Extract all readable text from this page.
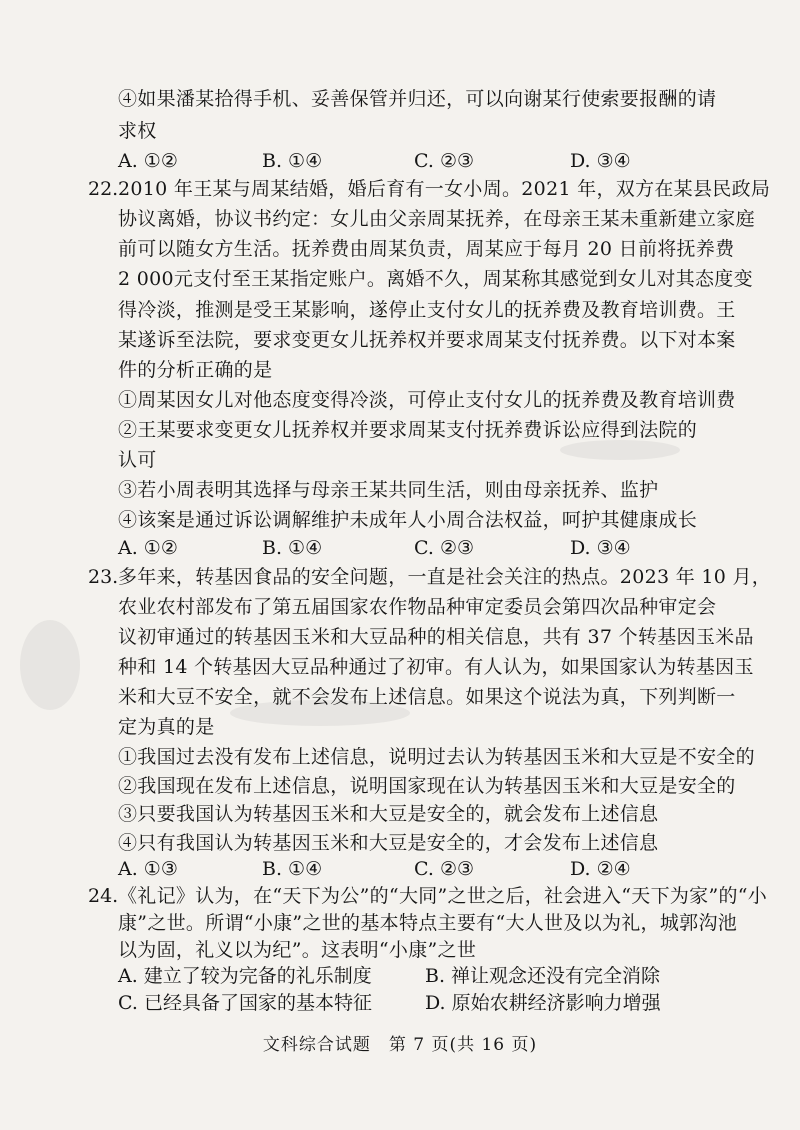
④如果潘某拾得手机、妥善保管并归还，可以向谢某行使索要报酬的请
求权
A. ①②	B. ①④	C. ②③	D. ③④
22. 2010 年王某与周某结婚，婚后育有一女小周。2021 年，双方在某县民政局
协议离婚，协议书约定：女儿由父亲周某抚养，在母亲王某未重新建立家庭
前可以随女方生活。抚养费由周某负责，周某应于每月 20 日前将抚养费
2 000元支付至王某指定账户。离婚不久，周某称其感觉到女儿对其态度变
得冷淡，推测是受王某影响，遂停止支付女儿的抚养费及教育培训费。王
某遂诉至法院，要求变更女儿抚养权并要求周某支付抚养费。以下对本案
件的分析正确的是
①周某因女儿对他态度变得冷淡，可停止支付女儿的抚养费及教育培训费
②王某要求变更女儿抚养权并要求周某支付抚养费诉讼应得到法院的
认可
③若小周表明其选择与母亲王某共同生活，则由母亲抚养、监护
④该案是通过诉讼调解维护未成年人小周合法权益，呵护其健康成长
A. ①②	B. ①④	C. ②③	D. ③④
23. 多年来，转基因食品的安全问题，一直是社会关注的热点。2023 年 10 月，
农业农村部发布了第五届国家农作物品种审定委员会第四次品种审定会
议初审通过的转基因玉米和大豆品种的相关信息，共有 37 个转基因玉米品
种和 14 个转基因大豆品种通过了初审。有人认为，如果国家认为转基因玉
米和大豆不安全，就不会发布上述信息。如果这个说法为真，下列判断一
定为真的是
①我国过去没有发布上述信息，说明过去认为转基因玉米和大豆是不安全的
②我国现在发布上述信息，说明国家现在认为转基因玉米和大豆是安全的
③只要我国认为转基因玉米和大豆是安全的，就会发布上述信息
④只有我国认为转基因玉米和大豆是安全的，才会发布上述信息
A. ①③	B. ①④	C. ②③	D. ②④
24. 《礼记》认为，在“天下为公”的“大同”之世之后，社会进入“天下为家”的“小
康”之世。所谓“小康”之世的基本特点主要有“大人世及以为礼，城郭沟池
以为固，礼义以为纪”。这表明“小康”之世
A. 建立了较为完备的礼乐制度	B. 禅让观念还没有完全消除
C. 已经具备了国家的基本特征	D. 原始农耕经济影响力增强
文科综合试题　第 7 页(共 16 页)
